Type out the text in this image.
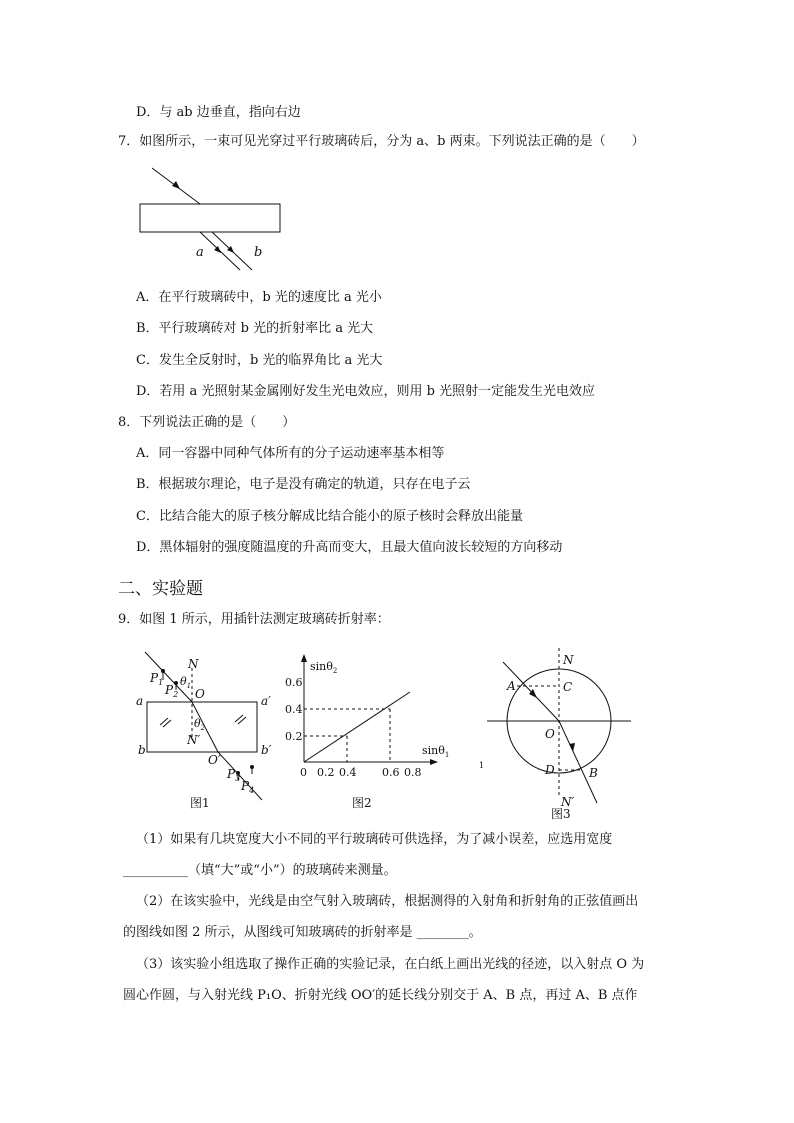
D．与 ab 边垂直，指向右边
7．如图所示，一束可见光穿过平行玻璃砖后，分为 a、b 两束。下列说法正确的是（　　）
a	b
A．在平行玻璃砖中，b 光的速度比 a 光小
B．平行玻璃砖对 b 光的折射率比 a 光大
C．发生全反射时，b 光的临界角比 a 光大
D．若用 a 光照射某金属刚好发生光电效应，则用 b 光照射一定能发生光电效应
8．下列说法正确的是（　　）
A．同一容器中同种气体所有的分子运动速率基本相等
B．根据玻尔理论，电子是没有确定的轨道，只存在电子云
C．比结合能大的原子核分解成比结合能小的原子核时会释放出能量
D．黑体辐射的强度随温度的升高而变大，且最大值向波长较短的方向移动
二、实验题
9．如图 1 所示，用插针法测定玻璃砖折射率：
$P_1$
$P_2$
$P_3$
$P_4$
N
$\theta_1$
O
$\theta_2$
N′
O′
a	a′
b	b′
图1
sinθ$_2$
sinθ$_1$
0.6
0.4
0.2
0 0.2 0.4 0.6 0.8
图2
1
N
C
A
O
D	B
N′
图3
（1）如果有几块宽度大小不同的平行玻璃砖可供选择，为了减小误差，应选用宽度
__________（填“大”或“小”）的玻璃砖来测量。
（2）在该实验中，光线是由空气射入玻璃砖，根据测得的入射角和折射角的正弦值画出
的图线如图 2 所示，从图线可知玻璃砖的折射率是 ________。
（3）该实验小组选取了操作正确的实验记录，在白纸上画出光线的径迹，以入射点 O 为
圆心作圆，与入射光线 P₁O、折射光线 OO′的延长线分别交于 A、B 点，再过 A、B 点作
